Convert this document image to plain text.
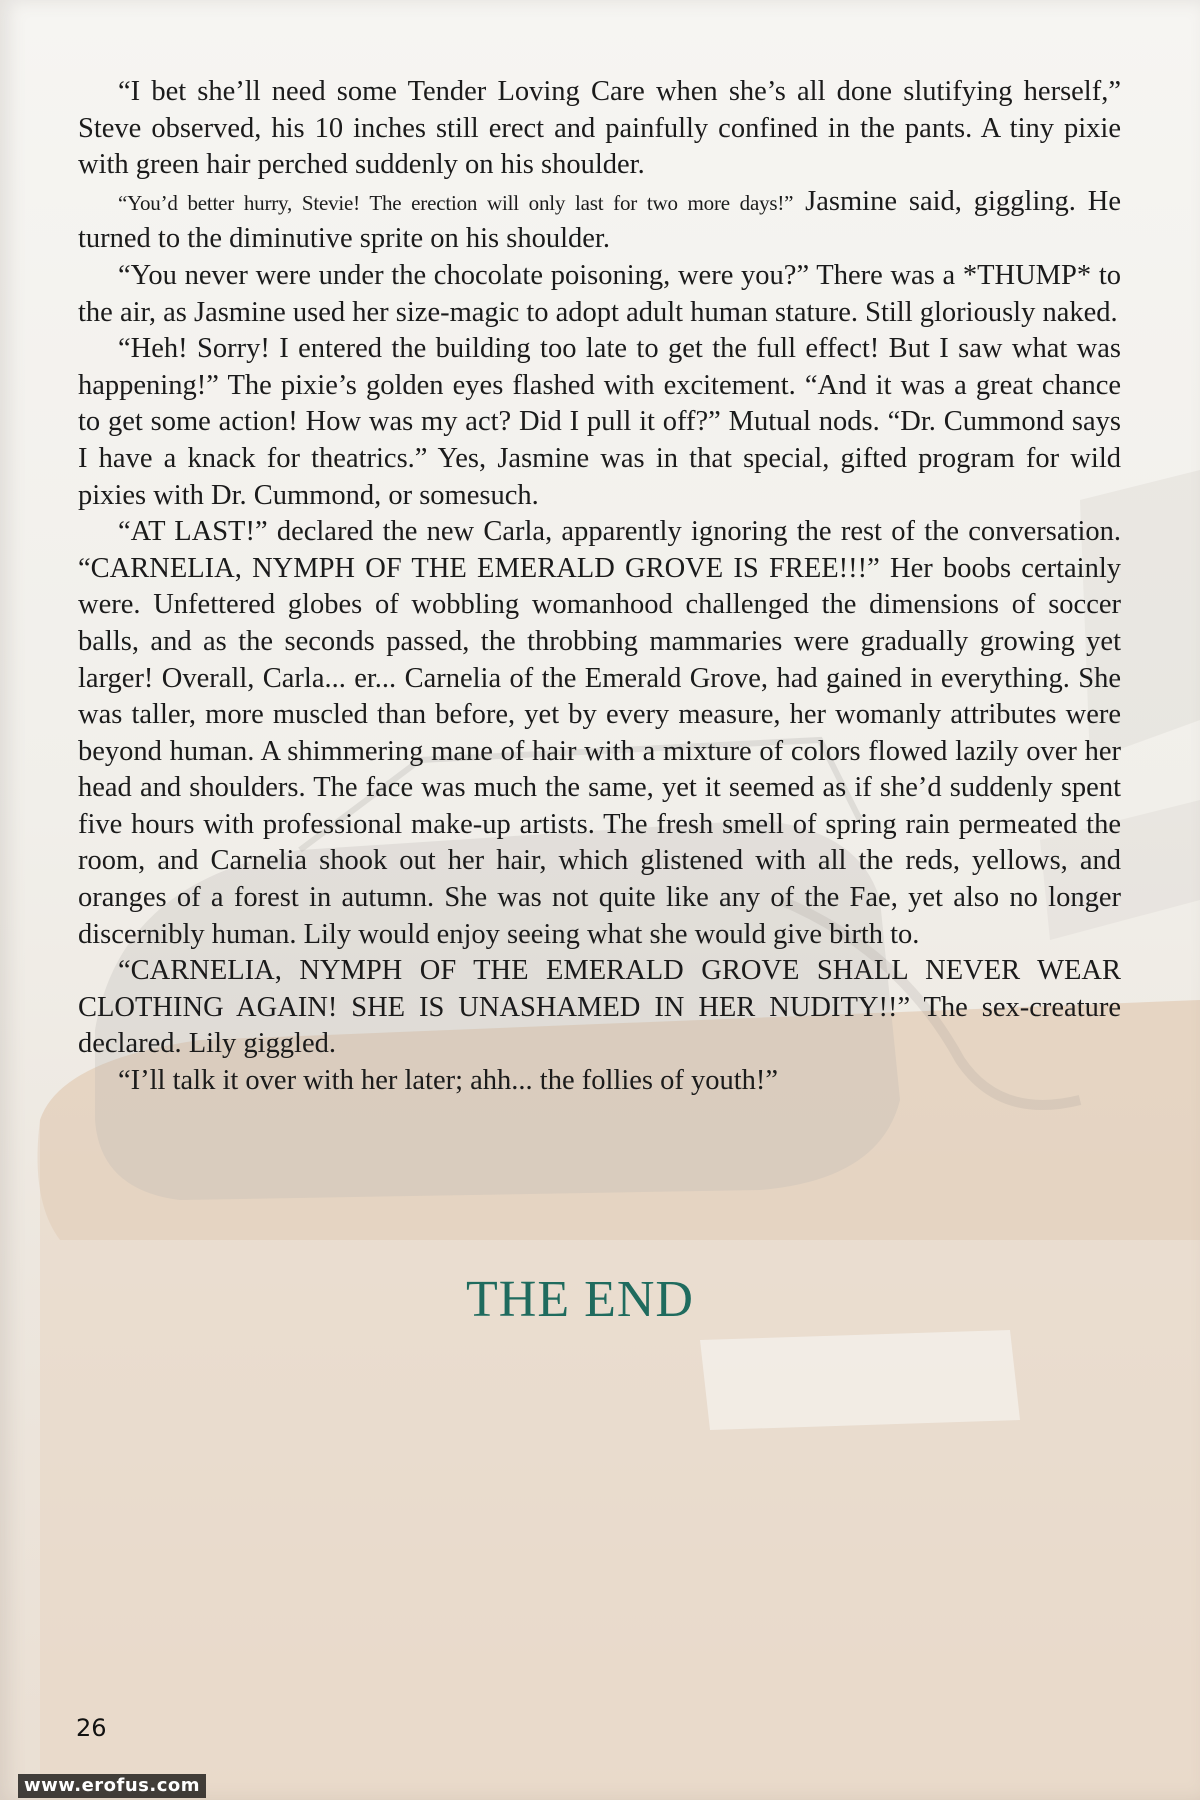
“I bet she’ll need some Tender Loving Care when she’s all done slutifying herself,” Steve observed, his 10 inches still erect and painfully confined in the pants. A tiny pixie with green hair perched suddenly on his shoulder.

“You’d better hurry, Stevie! The erection will only last for two more days!” Jasmine said, giggling. He turned to the diminutive sprite on his shoulder.

“You never were under the chocolate poisoning, were you?” There was a *THUMP* to the air, as Jasmine used her size-magic to adopt adult human stature. Still gloriously naked.

“Heh! Sorry! I entered the building too late to get the full effect! But I saw what was happening!” The pixie’s golden eyes flashed with excitement. “And it was a great chance to get some action! How was my act? Did I pull it off?” Mutual nods. “Dr. Cummond says I have a knack for theatrics.” Yes, Jasmine was in that special, gifted program for wild pixies with Dr. Cummond, or somesuch.

“AT LAST!” declared the new Carla, apparently ignoring the rest of the conversation. “CARNELIA, NYMPH OF THE EMERALD GROVE IS FREE!!!” Her boobs certainly were. Unfettered globes of wobbling womanhood challenged the dimensions of soccer balls, and as the seconds passed, the throbbing mammaries were gradually growing yet larger! Overall, Carla... er... Carnelia of the Emerald Grove, had gained in everything. She was taller, more muscled than before, yet by every measure, her womanly attributes were beyond human. A shimmering mane of hair with a mixture of colors flowed lazily over her head and shoulders. The face was much the same, yet it seemed as if she’d suddenly spent five hours with professional make-up artists. The fresh smell of spring rain permeated the room, and Carnelia shook out her hair, which glistened with all the reds, yellows, and oranges of a forest in autumn. She was not quite like any of the Fae, yet also no longer discernibly human. Lily would enjoy seeing what she would give birth to.

“CARNELIA, NYMPH OF THE EMERALD GROVE SHALL NEVER WEAR CLOTHING AGAIN! SHE IS UNASHAMED IN HER NUDITY!!” The sex-creature declared. Lily giggled.

“I’ll talk it over with her later; ahh... the follies of youth!”

THE END
26
www.erofus.com
